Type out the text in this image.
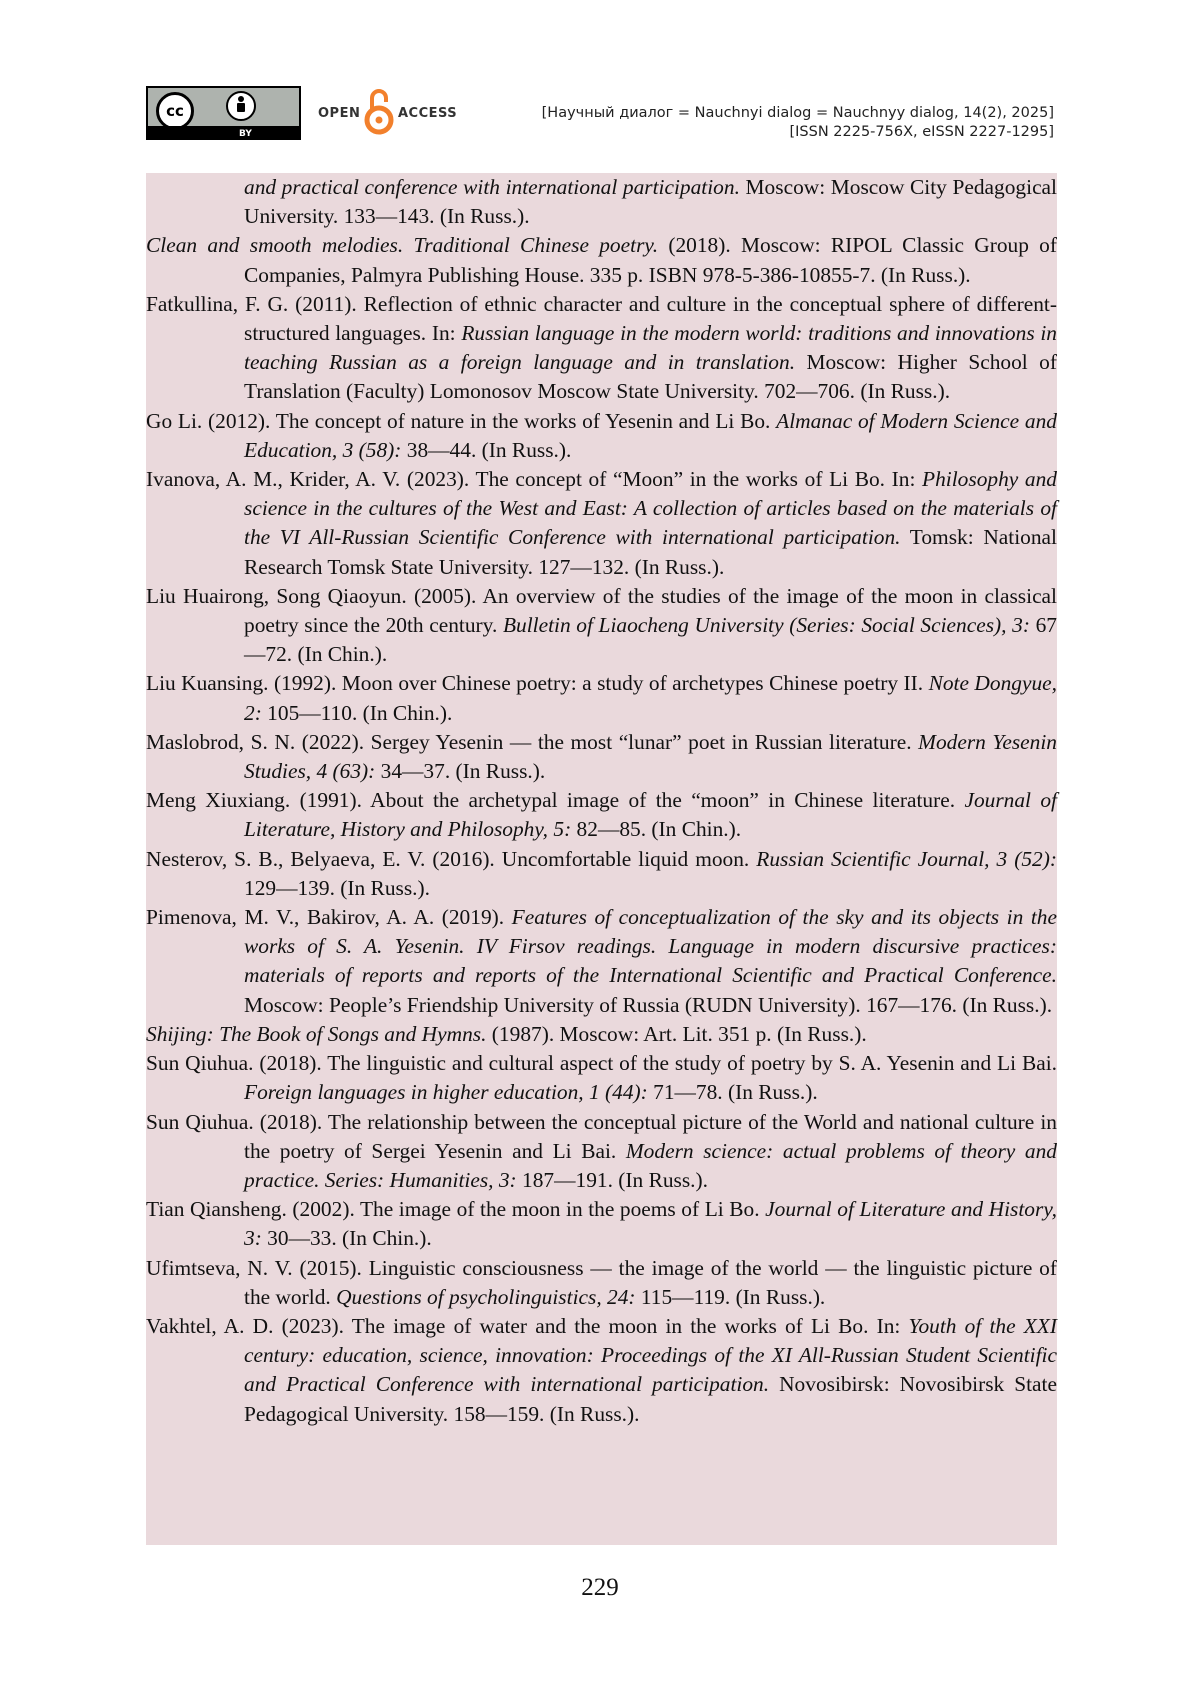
cc
BY
OPEN	ACCESS	[Научный диалог = Nauchnyi dialog = Nauchnyy dialog, 14(2), 2025]
[ISSN 2225-756X, eISSN 2227-1295]

and practical conference with international participation. Moscow: Moscow City Pedagogical University. 133—143. (In Russ.).

Clean and smooth melodies. Traditional Chinese poetry. (2018). Moscow: RIPOL Classic Group of Companies, Palmyra Publishing House. 335 p. ISBN 978-5-386-10855-7. (In Russ.).

Fatkullina, F. G. (2011). Reflection of ethnic character and culture in the conceptual sphere of different-structured languages. In: Russian language in the modern world: traditions and innovations in teaching Russian as a foreign language and in translation. Moscow: Higher School of Translation (Faculty) Lomonosov Moscow State University. 702—706. (In Russ.).

Go Li. (2012). The concept of nature in the works of Yesenin and Li Bo. Almanac of Modern Science and Education, 3 (58): 38—44. (In Russ.).

Ivanova, A. M., Krider, A. V. (2023). The concept of “Moon” in the works of Li Bo. In: Philosophy and science in the cultures of the West and East: A collection of articles based on the materials of the VI All-Russian Scientific Conference with international participation. Tomsk: National Research Tomsk State University. 127—132. (In Russ.).

Liu Huairong, Song Qiaoyun. (2005). An overview of the studies of the image of the moon in classical poetry since the 20th century. Bulletin of Liaocheng University (Series: Social Sciences), 3: 67—72. (In Chin.).

Liu Kuansing. (1992). Moon over Chinese poetry: a study of archetypes Chinese poetry II. Note Dongyue, 2: 105—110. (In Chin.).

Maslobrod, S. N. (2022). Sergey Yesenin — the most “lunar” poet in Russian literature. Modern Yesenin Studies, 4 (63): 34—37. (In Russ.).

Meng Xiuxiang. (1991). About the archetypal image of the “moon” in Chinese literature. Journal of Literature, History and Philosophy, 5: 82—85. (In Chin.).

Nesterov, S. B., Belyaeva, E. V. (2016). Uncomfortable liquid moon. Russian Scientific Journal, 3 (52): 129—139. (In Russ.).

Pimenova, M. V., Bakirov, A. A. (2019). Features of conceptualization of the sky and its objects in the works of S. A. Yesenin. IV Firsov readings. Language in modern discursive practices: materials of reports and reports of the International Scientific and Practical Conference. Moscow: People’s Friendship University of Russia (RUDN University). 167—176. (In Russ.).

Shijing: The Book of Songs and Hymns. (1987). Moscow: Art. Lit. 351 p. (In Russ.).

Sun Qiuhua. (2018). The linguistic and cultural aspect of the study of poetry by S. A. Yesenin and Li Bai. Foreign languages in higher education, 1 (44): 71—78. (In Russ.).

Sun Qiuhua. (2018). The relationship between the conceptual picture of the World and national culture in the poetry of Sergei Yesenin and Li Bai. Modern science: actual problems of theory and practice. Series: Humanities, 3: 187—191. (In Russ.).

Tian Qiansheng. (2002). The image of the moon in the poems of Li Bo. Journal of Literature and History, 3: 30—33. (In Chin.).

Ufimtseva, N. V. (2015). Linguistic consciousness — the image of the world — the linguistic picture of the world. Questions of psycholinguistics, 24: 115—119. (In Russ.).

Vakhtel, A. D. (2023). The image of water and the moon in the works of Li Bo. In: Youth of the XXI century: education, science, innovation: Proceedings of the XI All-Russian Student Scientific and Practical Conference with international participation. Novosibirsk: Novosibirsk State Pedagogical University. 158—159. (In Russ.).

229
